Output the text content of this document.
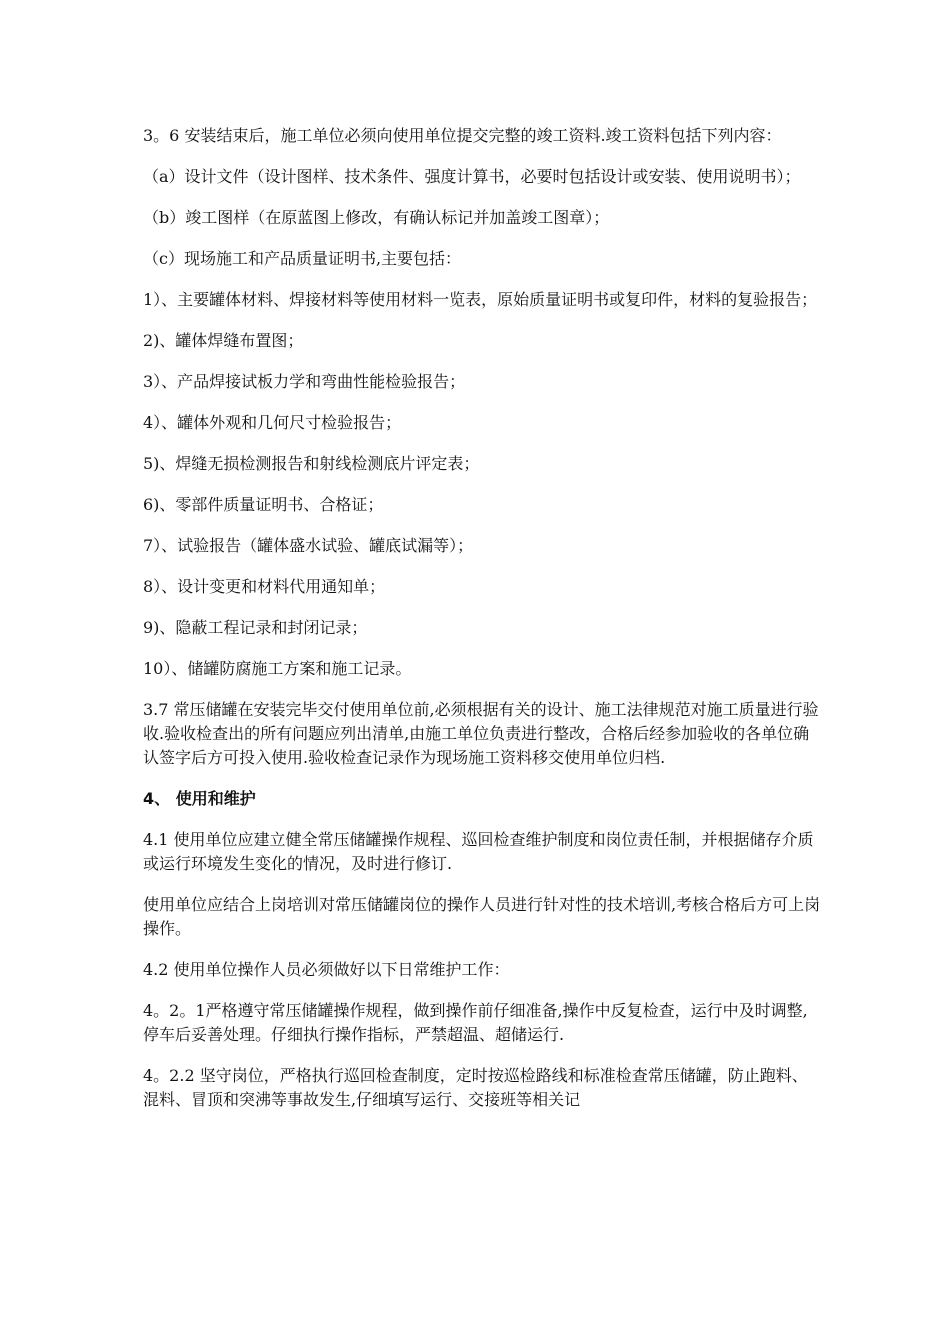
3。6 安装结束后，施工单位必须向使用单位提交完整的竣工资料.竣工资料包括下列内容：

（a）设计文件（设计图样、技术条件、强度计算书，必要时包括设计或安装、使用说明书）；

（b）竣工图样（在原蓝图上修改，有确认标记并加盖竣工图章）；

（c）现场施工和产品质量证明书,主要包括：

1）、主要罐体材料、焊接材料等使用材料一览表，原始质量证明书或复印件，材料的复验报告；

2)、罐体焊缝布置图；

3）、产品焊接试板力学和弯曲性能检验报告；

4）、罐体外观和几何尺寸检验报告；

5)、焊缝无损检测报告和射线检测底片评定表；

6)、零部件质量证明书、合格证；

7）、试验报告（罐体盛水试验、罐底试漏等）；

8）、设计变更和材料代用通知单；

9)、隐蔽工程记录和封闭记录；

10）、储罐防腐施工方案和施工记录。

3.7 常压储罐在安装完毕交付使用单位前,必须根据有关的设计、施工法律规范对施工质量进行验收.验收检查出的所有问题应列出清单,由施工单位负责进行整改，合格后经参加验收的各单位确认签字后方可投入使用.验收检查记录作为现场施工资料移交使用单位归档.

4、 使用和维护

4.1 使用单位应建立健全常压储罐操作规程、巡回检查维护制度和岗位责任制，并根据储存介质或运行环境发生变化的情况，及时进行修订.

使用单位应结合上岗培训对常压储罐岗位的操作人员进行针对性的技术培训,考核合格后方可上岗操作。

4.2 使用单位操作人员必须做好以下日常维护工作：

4。2。1严格遵守常压储罐操作规程，做到操作前仔细准备,操作中反复检查，运行中及时调整,停车后妥善处理。仔细执行操作指标，严禁超温、超储运行.

4。2.2 坚守岗位，严格执行巡回检查制度，定时按巡检路线和标准检查常压储罐，防止跑料、混料、冒顶和突沸等事故发生,仔细填写运行、交接班等相关记
